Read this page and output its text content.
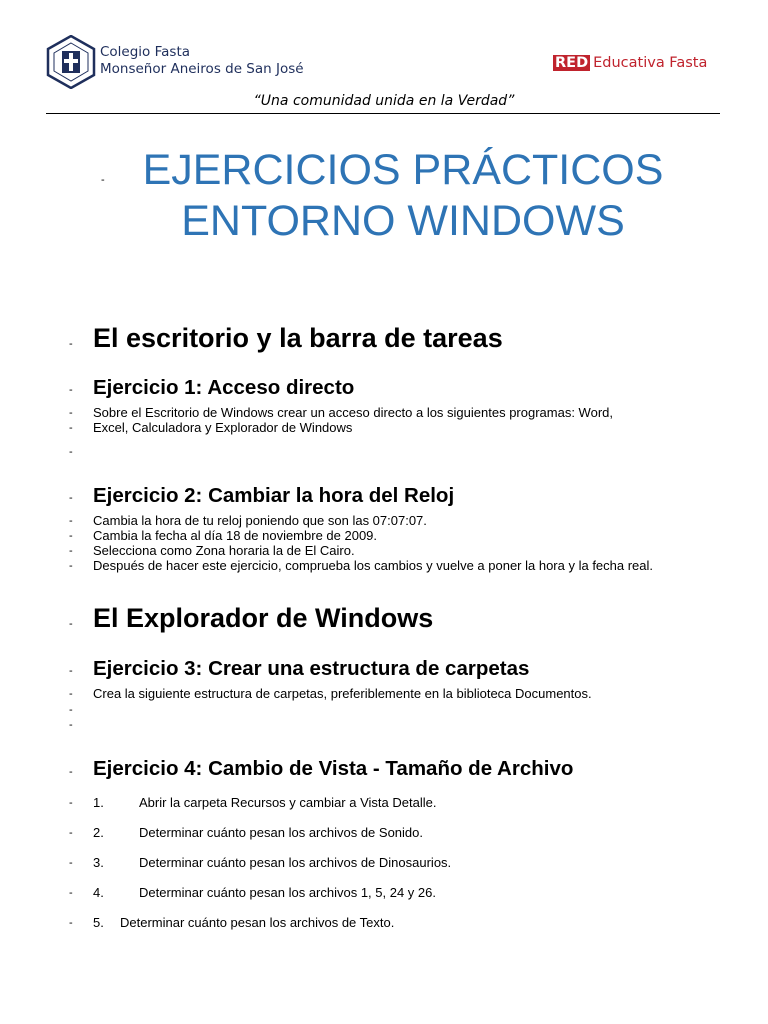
Colegio Fasta
Monseñor Aneiros de San José	RED Educativa Fasta
“Una comunidad unida en la Verdad”
- EJERCICIOS PRÁCTICOS
ENTORNO WINDOWS
- El escritorio y la barra de tareas
- Ejercicio 1: Acceso directo
- Sobre el Escritorio de Windows crear un acceso directo a los siguientes programas: Word,
- Excel, Calculadora y Explorador de Windows
-
- Ejercicio 2: Cambiar la hora del Reloj
- Cambia la hora de tu reloj poniendo que son las 07:07:07.
- Cambia la fecha al día 18 de noviembre de 2009.
- Selecciona como Zona horaria la de El Cairo.
- Después de hacer este ejercicio, comprueba los cambios y vuelve a poner la hora y la fecha real.
- El Explorador de Windows
- Ejercicio 3: Crear una estructura de carpetas
- Crea la siguiente estructura de carpetas, preferiblemente en la biblioteca Documentos.
-
-
- Ejercicio 4: Cambio de Vista - Tamaño de Archivo
- 1.	Abrir la carpeta Recursos y cambiar a Vista Detalle.
- 2.	Determinar cuánto pesan los archivos de Sonido.
- 3.	Determinar cuánto pesan los archivos de Dinosaurios.
- 4.	Determinar cuánto pesan los archivos 1, 5, 24 y 26.
- 5. Determinar cuánto pesan los archivos de Texto.
